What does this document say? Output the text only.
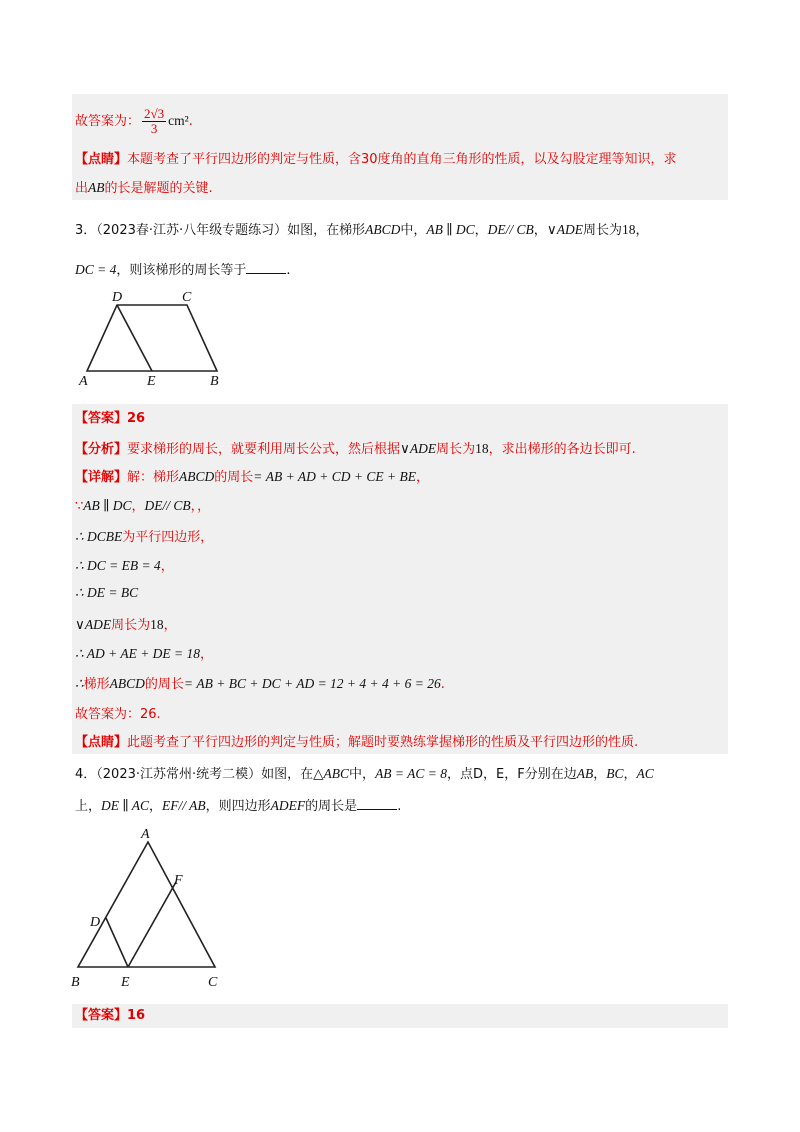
故答案为： $\frac{2√3}{3} cm^2$.
【点睛】本题考查了平行四边形的判定与性质，含30度角的直角三角形的性质，以及勾股定理等知识，求
出AB的长是解题的关键.
3．（2023春·江苏·八年级专题练习）如图，在梯形ABCD中，AB ∥ DC，DE// CB，∨ADE周长为18，
DC = 4，则该梯形的周长等于	.
D	C
A	E	B
【答案】26
【分析】要求梯形的周长，就要利用周长公式，然后根据∨ADE周长为18，求出梯形的各边长即可.
【详解】解：梯形ABCD的周长= AB + AD + CD + CE + BE，
∵AB ∥ DC，DE// CB，，
∴ DCBE为平行四边形，
∴ DC = EB = 4，
∴ DE = BC
∨ADE周长为18，
∴ AD + AE + DE = 18，
∴梯形ABCD的周长= AB + BC + DC + AD = 12 + 4 + 4 + 6 = 26.
故答案为：26.
【点睛】此题考查了平行四边形的判定与性质；解题时要熟练掌握梯形的性质及平行四边形的性质.
4．（2023·江苏常州·统考二模）如图，在△ABC中，AB = AC = 8，点D，E，F分别在边AB，BC，AC
上，DE ∥ AC，EF// AB，则四边形ADEF的周长是	.
A
F
D
B	E	C
【答案】16
